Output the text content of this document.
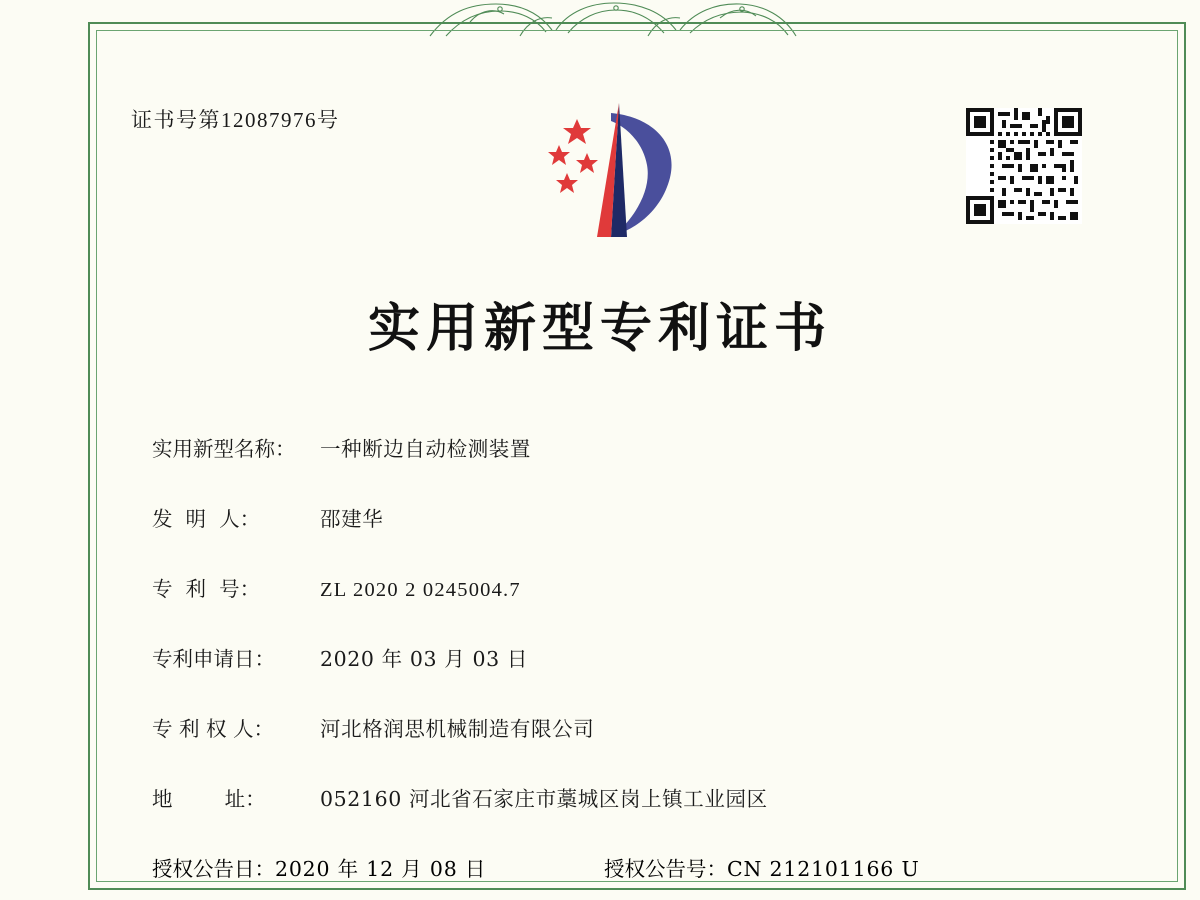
证书号第12087976号
实用新型专利证书
实用新型名称：	一种断边自动检测装置
发  明  人：	邵建华
专  利  号：	ZL 2020 2 0245004.7
专利申请日：	2020 年 03 月 03 日
专 利 权 人：	河北格润思机械制造有限公司
地        址：	052160 河北省石家庄市藁城区岗上镇工业园区
授权公告日： 2020 年 12 月 08 日	授权公告号： CN 212101166 U
